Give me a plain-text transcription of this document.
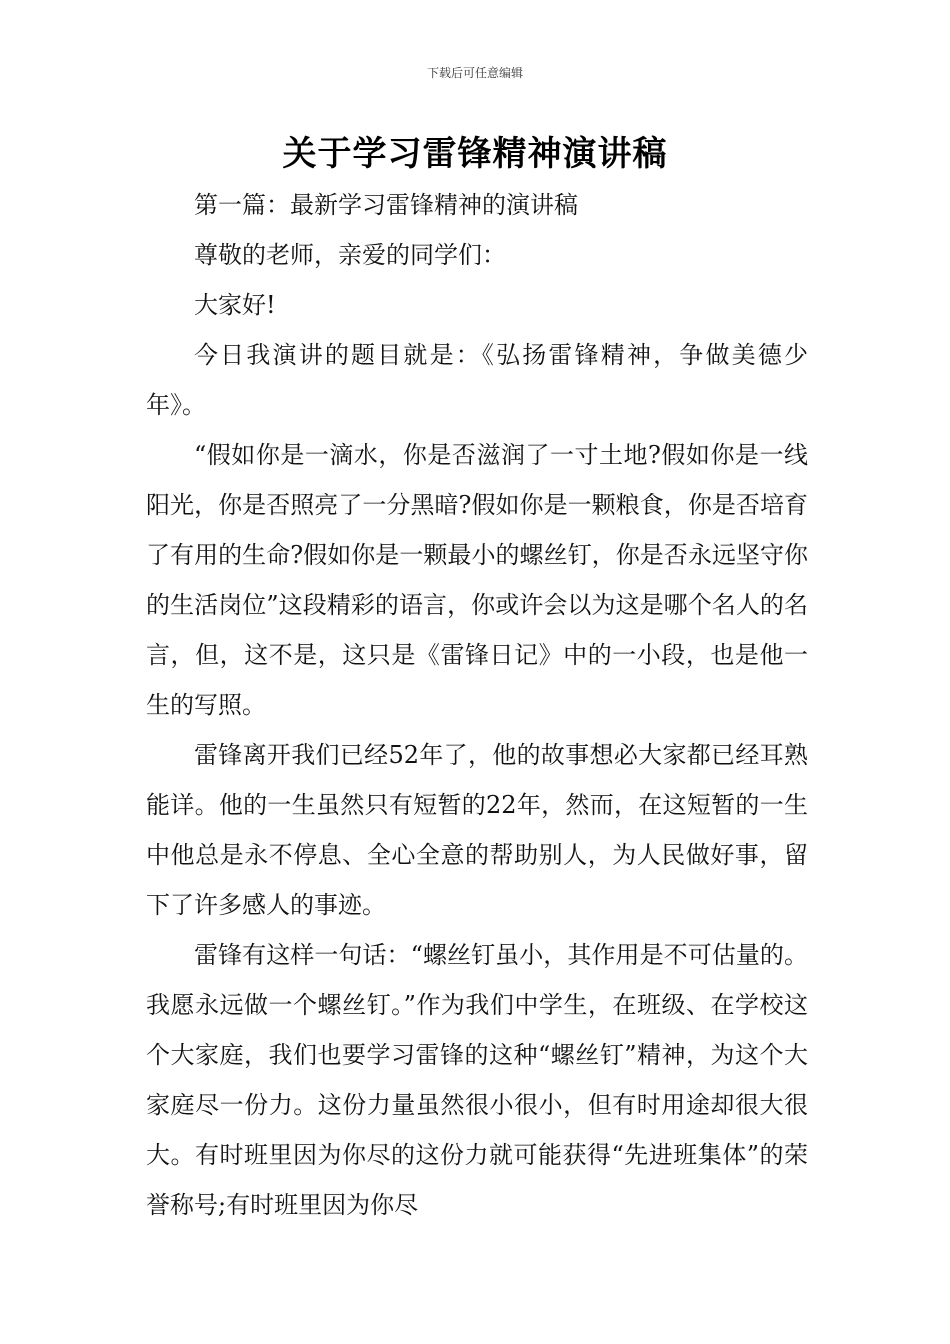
下载后可任意编辑
关于学习雷锋精神演讲稿

第一篇：最新学习雷锋精神的演讲稿

尊敬的老师，亲爱的同学们：

大家好!

今日我演讲的题目就是：《弘扬雷锋精神，争做美德少年》。

“假如你是一滴水，你是否滋润了一寸土地?假如你是一线阳光，你是否照亮了一分黑暗?假如你是一颗粮食，你是否培育了有用的生命?假如你是一颗最小的螺丝钉，你是否永远坚守你的生活岗位”这段精彩的语言，你或许会以为这是哪个名人的名言，但，这不是，这只是《雷锋日记》中的一小段，也是他一生的写照。

雷锋离开我们已经52年了，他的故事想必大家都已经耳熟能详。他的一生虽然只有短暂的22年，然而，在这短暂的一生中他总是永不停息、全心全意的帮助别人，为人民做好事，留下了许多感人的事迹。

雷锋有这样一句话：“螺丝钉虽小，其作用是不可估量的。我愿永远做一个螺丝钉。”作为我们中学生，在班级、在学校这个大家庭，我们也要学习雷锋的这种“螺丝钉”精神，为这个大家庭尽一份力。这份力量虽然很小很小，但有时用途却很大很大。有时班里因为你尽的这份力就可能获得“先进班集体”的荣誉称号;有时班里因为你尽
